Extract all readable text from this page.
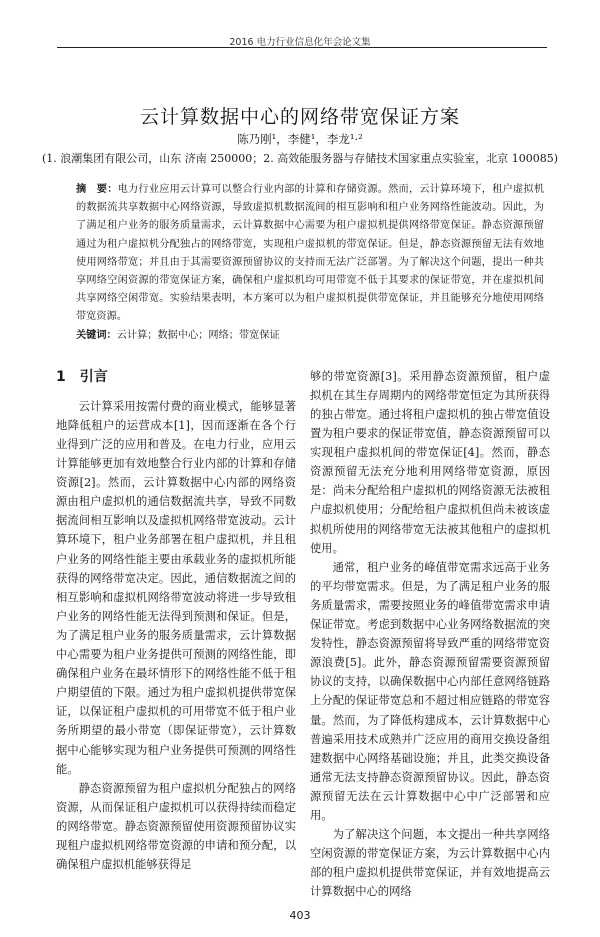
2016 电力行业信息化年会论文集
云计算数据中心的网络带宽保证方案
陈乃刚¹，李健¹，李龙¹·²
(1. 浪潮集团有限公司，山东 济南 250000；2. 高效能服务器与存储技术国家重点实验室，北京 100085)
摘　要：电力行业应用云计算可以整合行业内部的计算和存储资源。然而，云计算环境下，租户虚拟机的数据流共享数据中心网络资源，导致虚拟机数据流间的相互影响和租户业务网络性能波动。因此，为了满足租户业务的服务质量需求，云计算数据中心需要为租户虚拟机提供网络带宽保证。静态资源预留通过为租户虚拟机分配独占的网络带宽，实现租户虚拟机的带宽保证。但是，静态资源预留无法有效地使用网络带宽；并且由于其需要资源预留协议的支持而无法广泛部署。为了解决这个问题，提出一种共享网络空闲资源的带宽保证方案，确保租户虚拟机均可用带宽不低于其要求的保证带宽，并在虚拟机间共享网络空闲带宽。实验结果表明，本方案可以为租户虚拟机提供带宽保证，并且能够充分地使用网络带宽资源。
关键词：云计算；数据中心；网络；带宽保证
1　引言

云计算采用按需付费的商业模式，能够显著地降低租户的运营成本[1]，因而逐渐在各个行业得到广泛的应用和普及。在电力行业，应用云计算能够更加有效地整合行业内部的计算和存储资源[2]。然而，云计算数据中心内部的网络资源由租户虚拟机的通信数据流共享，导致不同数据流间相互影响以及虚拟机网络带宽波动。云计算环境下，租户业务部署在租户虚拟机，并且租户业务的网络性能主要由承载业务的虚拟机所能获得的网络带宽决定。因此，通信数据流之间的相互影响和虚拟机网络带宽波动将进一步导致租户业务的网络性能无法得到预测和保证。但是，为了满足租户业务的服务质量需求，云计算数据中心需要为租户业务提供可预测的网络性能，即确保租户业务在最坏情形下的网络性能不低于租户期望值的下限。通过为租户虚拟机提供带宽保证，以保证租户虚拟机的可用带宽不低于租户业务所期望的最小带宽（即保证带宽），云计算数据中心能够实现为租户业务提供可预测的网络性能。

静态资源预留为租户虚拟机分配独占的网络资源，从而保证租户虚拟机可以获得持续而稳定的网络带宽。静态资源预留使用资源预留协议实现租户虚拟机网络带宽资源的申请和预分配，以确保租户虚拟机能够获得足

够的带宽资源[3]。采用静态资源预留，租户虚拟机在其生存周期内的网络带宽恒定为其所获得的独占带宽。通过将租户虚拟机的独占带宽值设置为租户要求的保证带宽值，静态资源预留可以实现租户虚拟机间的带宽保证[4]。然而，静态资源预留无法充分地利用网络带宽资源，原因是：尚未分配给租户虚拟机的网络资源无法被租户虚拟机使用；分配给租户虚拟机但尚未被该虚拟机所使用的网络带宽无法被其他租户的虚拟机使用。

通常，租户业务的峰值带宽需求远高于业务的平均带宽需求。但是，为了满足租户业务的服务质量需求，需要按照业务的峰值带宽需求申请保证带宽。考虑到数据中心业务网络数据流的突发特性，静态资源预留将导致严重的网络带宽资源浪费[5]。此外，静态资源预留需要资源预留协议的支持，以确保数据中心内部任意网络链路上分配的保证带宽总和不超过相应链路的带宽容量。然而，为了降低构建成本，云计算数据中心普遍采用技术成熟并广泛应用的商用交换设备组建数据中心网络基础设施；并且，此类交换设备通常无法支持静态资源预留协议。因此，静态资源预留无法在云计算数据中心中广泛部署和应用。

为了解决这个问题，本文提出一种共享网络空闲资源的带宽保证方案，为云计算数据中心内部的租户虚拟机提供带宽保证，并有效地提高云计算数据中心的网络

403
